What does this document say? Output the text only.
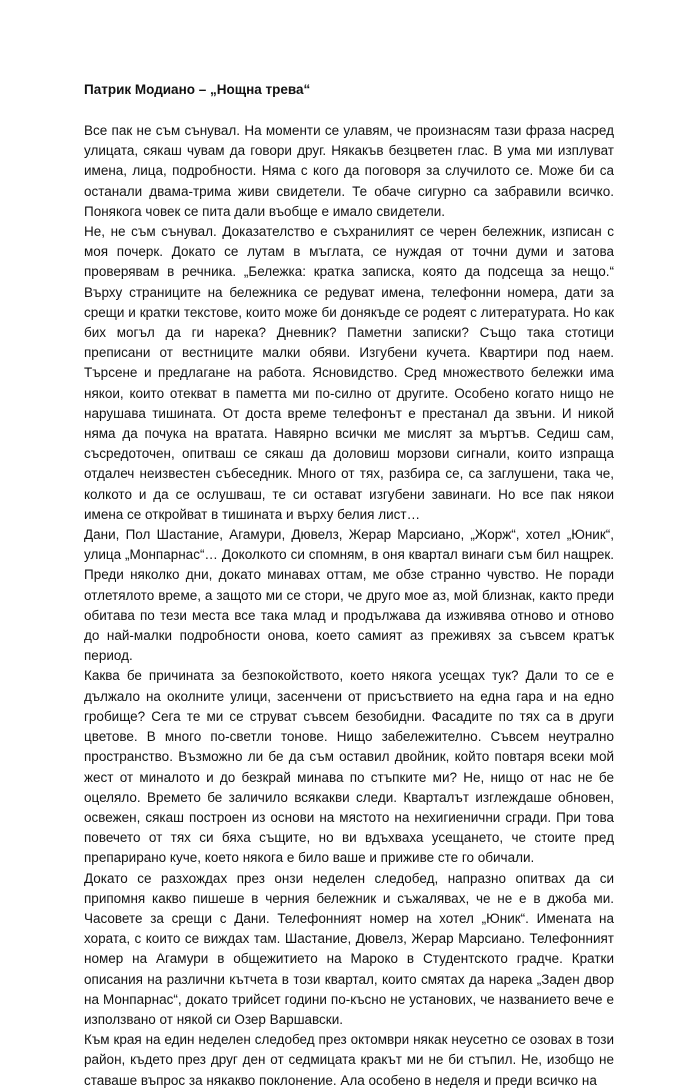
Патрик Модиано – „Нощна трева“

Все пак не съм сънувал. На моменти се улавям, че произнасям тази фраза насред улицата, сякаш чувам да говори друг. Някакъв безцветен глас. В ума ми изплуват имена, лица, подробности. Няма с кого да поговоря за случилото се. Може би са останали двама-трима живи свидетели. Те обаче сигурно са забравили всичко. Понякога човек се пита дали въобще е имало свидетели.

Не, не съм сънувал. Доказателство е съхранилият се черен бележник, изписан с моя почерк. Докато се лутам в мъглата, се нуждая от точни думи и затова проверявам в речника. „Бележка: кратка записка, която да подсеща за нещо.“ Върху страниците на бележника се редуват имена, телефонни номера, дати за срещи и кратки текстове, които може би донякъде се родеят с литературата. Но как бих могъл да ги нарека? Дневник? Паметни записки? Също така стотици преписани от вестниците малки обяви. Изгубени кучета. Квартири под наем. Търсене и предлагане на работа. Ясновидство. Сред множеството бележки има някои, които отекват в паметта ми по-силно от другите. Особено когато нищо не нарушава тишината. От доста време телефонът е престанал да звъни. И никой няма да почука на вратата. Навярно всички ме мислят за мъртъв. Седиш сам, съсредоточен, опитваш се сякаш да доловиш морзови сигнали, които изпраща отдалеч неизвестен събеседник. Много от тях, разбира се, са заглушени, така че, колкото и да се ослушваш, те си остават изгубени завинаги. Но все пак някои имена се откройват в тишината и върху белия лист…

Дани, Пол Шастание, Агамури, Дювелз, Жерар Марсиано, „Жорж“, хотел „Юник“, улица „Монпарнас“… Доколкото си спомням, в оня квартал винаги съм бил нащрек. Преди няколко дни, докато минавах оттам, ме обзе странно чувство. Не поради отлетялото време, а защото ми се стори, че друго мое аз, мой близнак, както преди обитава по тези места все така млад и продължава да изживява отново и отново до най-малки подробности онова, което самият аз преживях за съвсем кратък период.

Каква бе причината за безпокойството, което някога усещах тук? Дали то се е дължало на околните улици, засенчени от присъствието на една гара и на едно гробище? Сега те ми се струват съвсем безобидни. Фасадите по тях са в други цветове. В много по-светли тонове. Нищо забележително. Съвсем неутрално пространство. Възможно ли бе да съм оставил двойник, който повтаря всеки мой жест от миналото и до безкрай минава по стъпките ми? Не, нищо от нас не бе оцеляло. Времето бе заличило всякакви следи. Кварталът изглеждаше обновен, освежен, сякаш построен из основи на мястото на нехигиенични сгради. При това повечето от тях си бяха същите, но ви вдъхваха усещането, че стоите пред препарирано куче, което някога е било ваше и приживе сте го обичали.

Докато се разхождах през онзи неделен следобед, напразно опитвах да си припомня какво пишеше в черния бележник и съжалявах, че не е в джоба ми. Часовете за срещи с Дани. Телефонният номер на хотел „Юник“. Имената на хората, с които се виждах там. Шастание, Дювелз, Жерар Марсиано. Телефонният номер на Агамури в общежитието на Мароко в Студентското градче. Кратки описания на различни кътчета в този квартал, които смятах да нарека „Заден двор на Монпарнас“, докато трийсет години по-късно не установих, че названието вече е използвано от някой си Озер Варшавски.

Към края на един неделен следобед през октомври някак неусетно се озовах в този район, където през друг ден от седмицата кракът ми не би стъпил. Не, изобщо не ставаше въпрос за някакво поклонение. Ала особено в неделя и преди всичко на
